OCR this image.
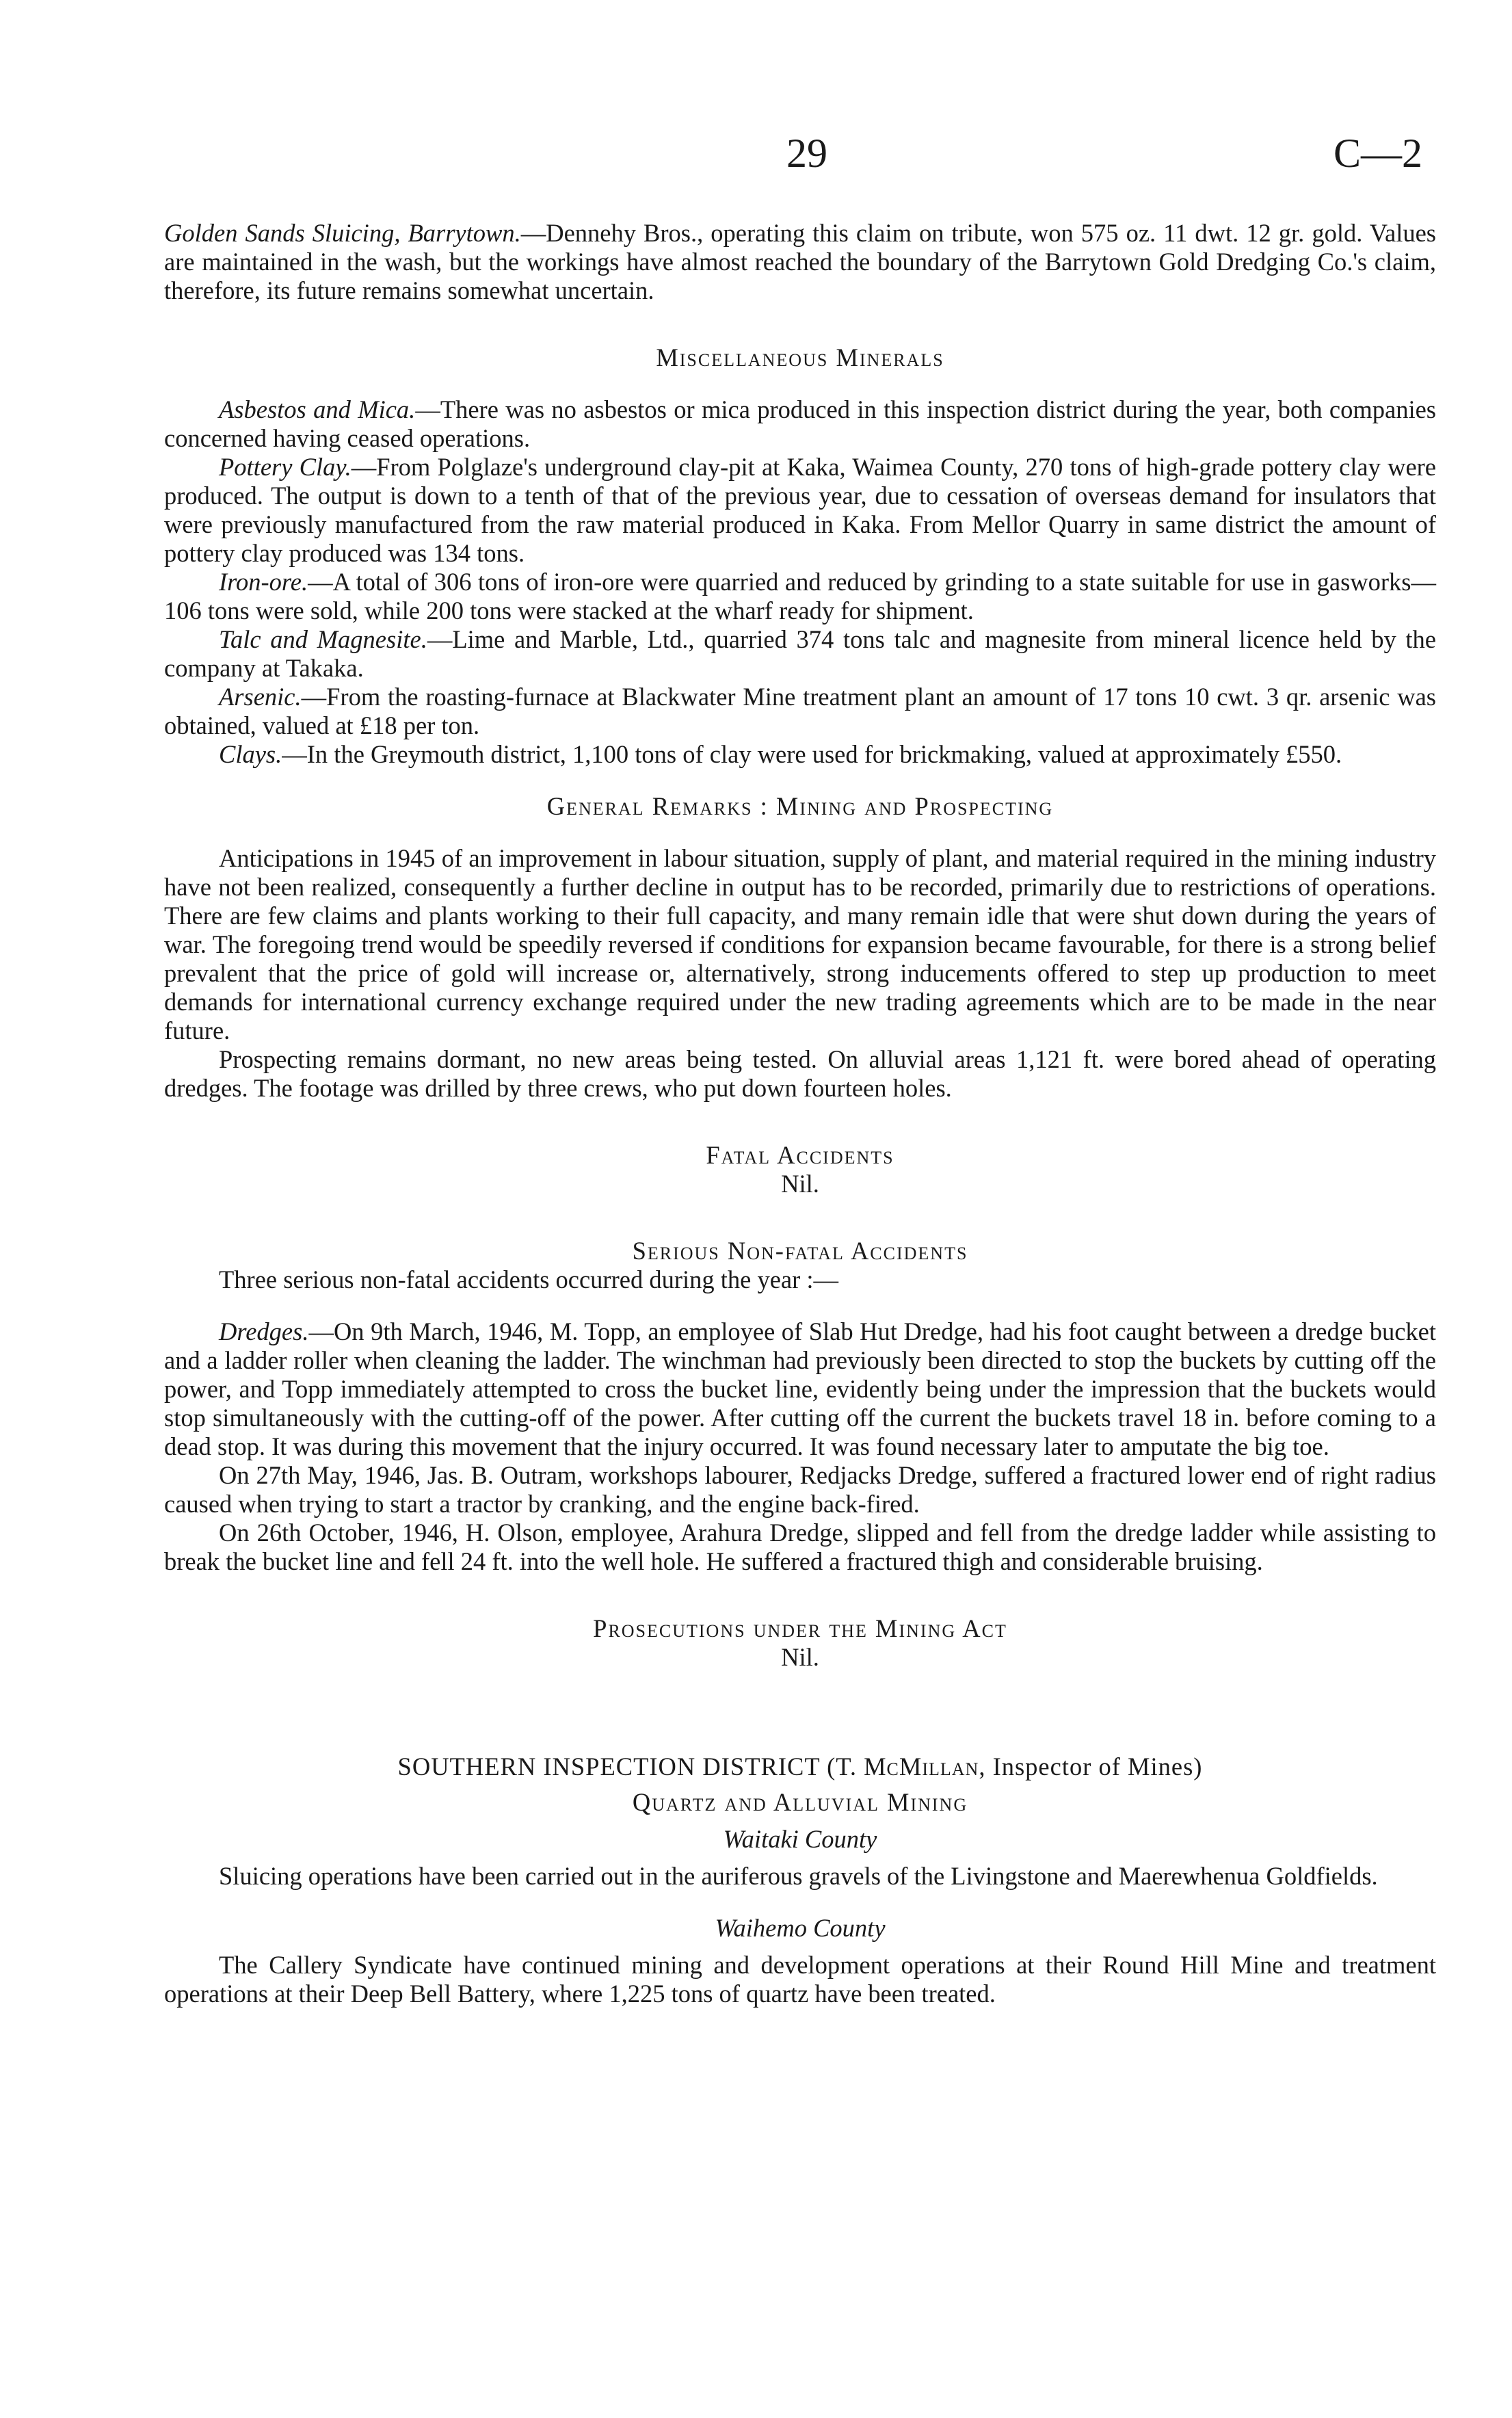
29	C—2

Golden Sands Sluicing, Barrytown.—Dennehy Bros., operating this claim on tribute, won 575 oz. 11 dwt. 12 gr. gold. Values are maintained in the wash, but the workings have almost reached the boundary of the Barrytown Gold Dredging Co.'s claim, therefore, its future remains somewhat uncertain.

Miscellaneous Minerals

Asbestos and Mica.—There was no asbestos or mica produced in this inspection district during the year, both companies concerned having ceased operations.

Pottery Clay.—From Polglaze's underground clay-pit at Kaka, Waimea County, 270 tons of high-grade pottery clay were produced. The output is down to a tenth of that of the previous year, due to cessation of overseas demand for insulators that were previously manufactured from the raw material produced in Kaka. From Mellor Quarry in same district the amount of pottery clay produced was 134 tons.

Iron-ore.—A total of 306 tons of iron-ore were quarried and reduced by grinding to a state suitable for use in gasworks—106 tons were sold, while 200 tons were stacked at the wharf ready for shipment.

Talc and Magnesite.—Lime and Marble, Ltd., quarried 374 tons talc and magnesite from mineral licence held by the company at Takaka.

Arsenic.—From the roasting-furnace at Blackwater Mine treatment plant an amount of 17 tons 10 cwt. 3 qr. arsenic was obtained, valued at £18 per ton.

Clays.—In the Greymouth district, 1,100 tons of clay were used for brickmaking, valued at approximately £550.

General Remarks : Mining and Prospecting

Anticipations in 1945 of an improvement in labour situation, supply of plant, and material required in the mining industry have not been realized, consequently a further decline in output has to be recorded, primarily due to restrictions of operations. There are few claims and plants working to their full capacity, and many remain idle that were shut down during the years of war. The foregoing trend would be speedily reversed if conditions for expansion became favourable, for there is a strong belief prevalent that the price of gold will increase or, alternatively, strong inducements offered to step up production to meet demands for international currency exchange required under the new trading agreements which are to be made in the near future.

Prospecting remains dormant, no new areas being tested. On alluvial areas 1,121 ft. were bored ahead of operating dredges. The footage was drilled by three crews, who put down fourteen holes.

Fatal Accidents
Nil.
Serious Non-fatal Accidents

Three serious non-fatal accidents occurred during the year :—

Dredges.—On 9th March, 1946, M. Topp, an employee of Slab Hut Dredge, had his foot caught between a dredge bucket and a ladder roller when cleaning the ladder. The winchman had previously been directed to stop the buckets by cutting off the power, and Topp immediately attempted to cross the bucket line, evidently being under the impression that the buckets would stop simultaneously with the cutting-off of the power. After cutting off the current the buckets travel 18 in. before coming to a dead stop. It was during this movement that the injury occurred. It was found necessary later to amputate the big toe.

On 27th May, 1946, Jas. B. Outram, workshops labourer, Redjacks Dredge, suffered a fractured lower end of right radius caused when trying to start a tractor by cranking, and the engine back-fired.

On 26th October, 1946, H. Olson, employee, Arahura Dredge, slipped and fell from the dredge ladder while assisting to break the bucket line and fell 24 ft. into the well hole. He suffered a fractured thigh and considerable bruising.

Prosecutions under the Mining Act
Nil.
SOUTHERN INSPECTION DISTRICT (T. McMillan, Inspector of Mines)
Quartz and Alluvial Mining
Waitaki County

Sluicing operations have been carried out in the auriferous gravels of the Livingstone and Maerewhenua Goldfields.

Waihemo County

The Callery Syndicate have continued mining and development operations at their Round Hill Mine and treatment operations at their Deep Bell Battery, where 1,225 tons of quartz have been treated.
